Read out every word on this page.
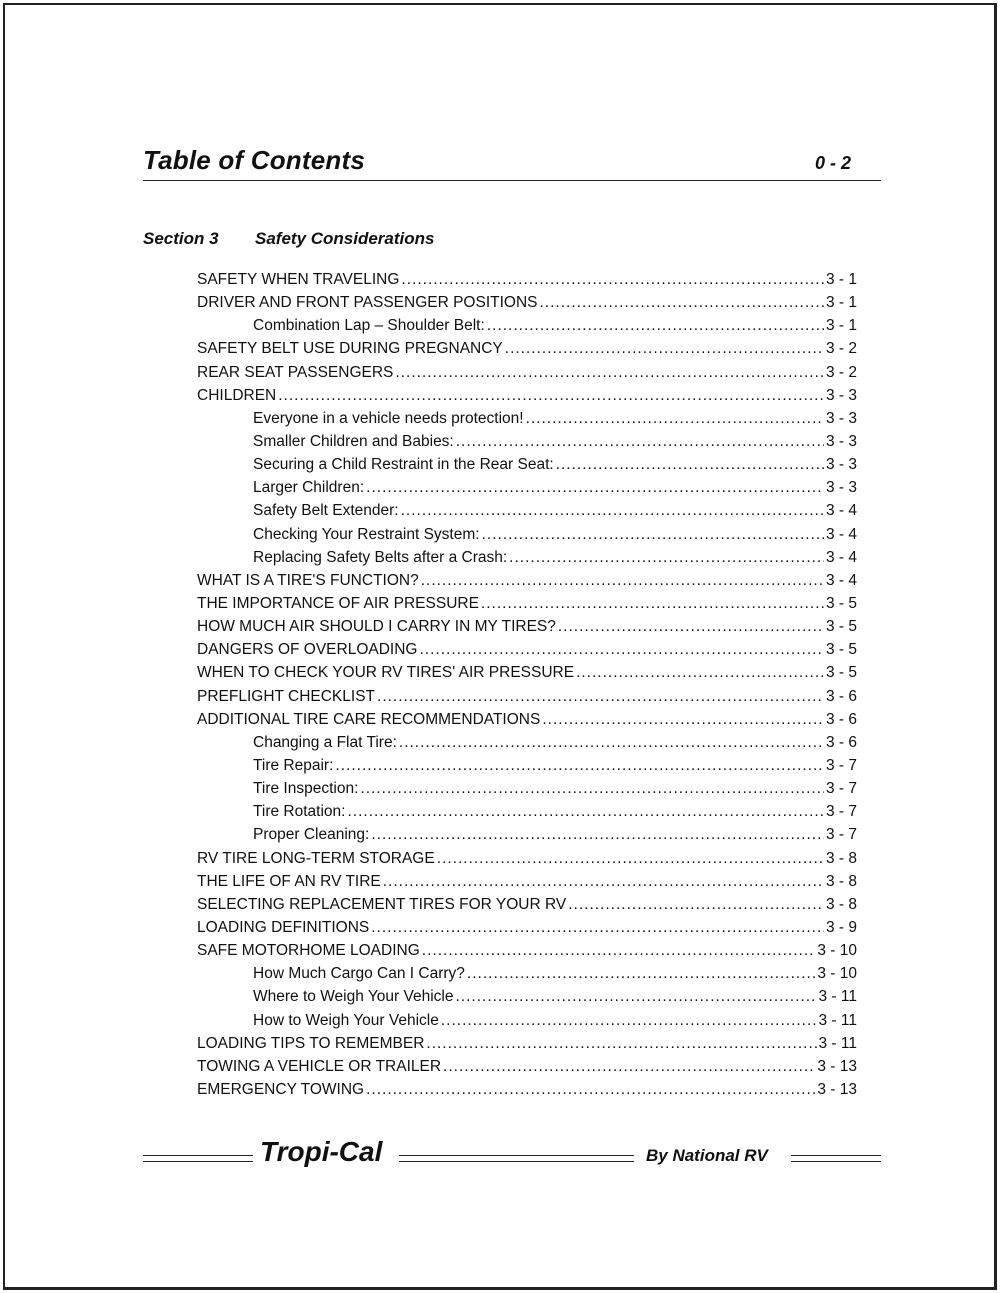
Table of Contents	0 - 2
Section 3 Safety Considerations
SAFETY WHEN TRAVELING .....	3 - 1
DRIVER AND FRONT PASSENGER POSITIONS .....	3 - 1
Combination Lap – Shoulder Belt: .....	3 - 1
SAFETY BELT USE DURING PREGNANCY .....	3 - 2
REAR SEAT PASSENGERS .....	3 - 2
CHILDREN .....	3 - 3
Everyone in a vehicle needs protection! .....	3 - 3
Smaller Children and Babies: .....	3 - 3
Securing a Child Restraint in the Rear Seat: .....	3 - 3
Larger Children: .....	3 - 3
Safety Belt Extender: .....	3 - 4
Checking Your Restraint System: .....	3 - 4
Replacing Safety Belts after a Crash: .....	3 - 4
WHAT IS A TIRE'S FUNCTION? .....	3 - 4
THE IMPORTANCE OF AIR PRESSURE .....	3 - 5
HOW MUCH AIR SHOULD I CARRY IN MY TIRES? .....	3 - 5
DANGERS OF OVERLOADING .....	3 - 5
WHEN TO CHECK YOUR RV TIRES' AIR PRESSURE .....	3 - 5
PREFLIGHT CHECKLIST .....	3 - 6
ADDITIONAL TIRE CARE RECOMMENDATIONS .....	3 - 6
Changing a Flat Tire: .....	3 - 6
Tire Repair: .....	3 - 7
Tire Inspection: .....	3 - 7
Tire Rotation: .....	3 - 7
Proper Cleaning: .....	3 - 7
RV TIRE LONG-TERM STORAGE .....	3 - 8
THE LIFE OF AN RV TIRE .....	3 - 8
SELECTING REPLACEMENT TIRES FOR YOUR RV .....	3 - 8
LOADING DEFINITIONS .....	3 - 9
SAFE MOTORHOME LOADING .....	3 - 10
How Much Cargo Can I Carry? .....	3 - 10
Where to Weigh Your Vehicle .....	3 - 11
How to Weigh Your Vehicle .....	3 - 11
LOADING TIPS TO REMEMBER .....	3 - 11
TOWING A VEHICLE OR TRAILER .....	3 - 13
EMERGENCY TOWING .....	3 - 13
Tropi-Cal	By National RV
